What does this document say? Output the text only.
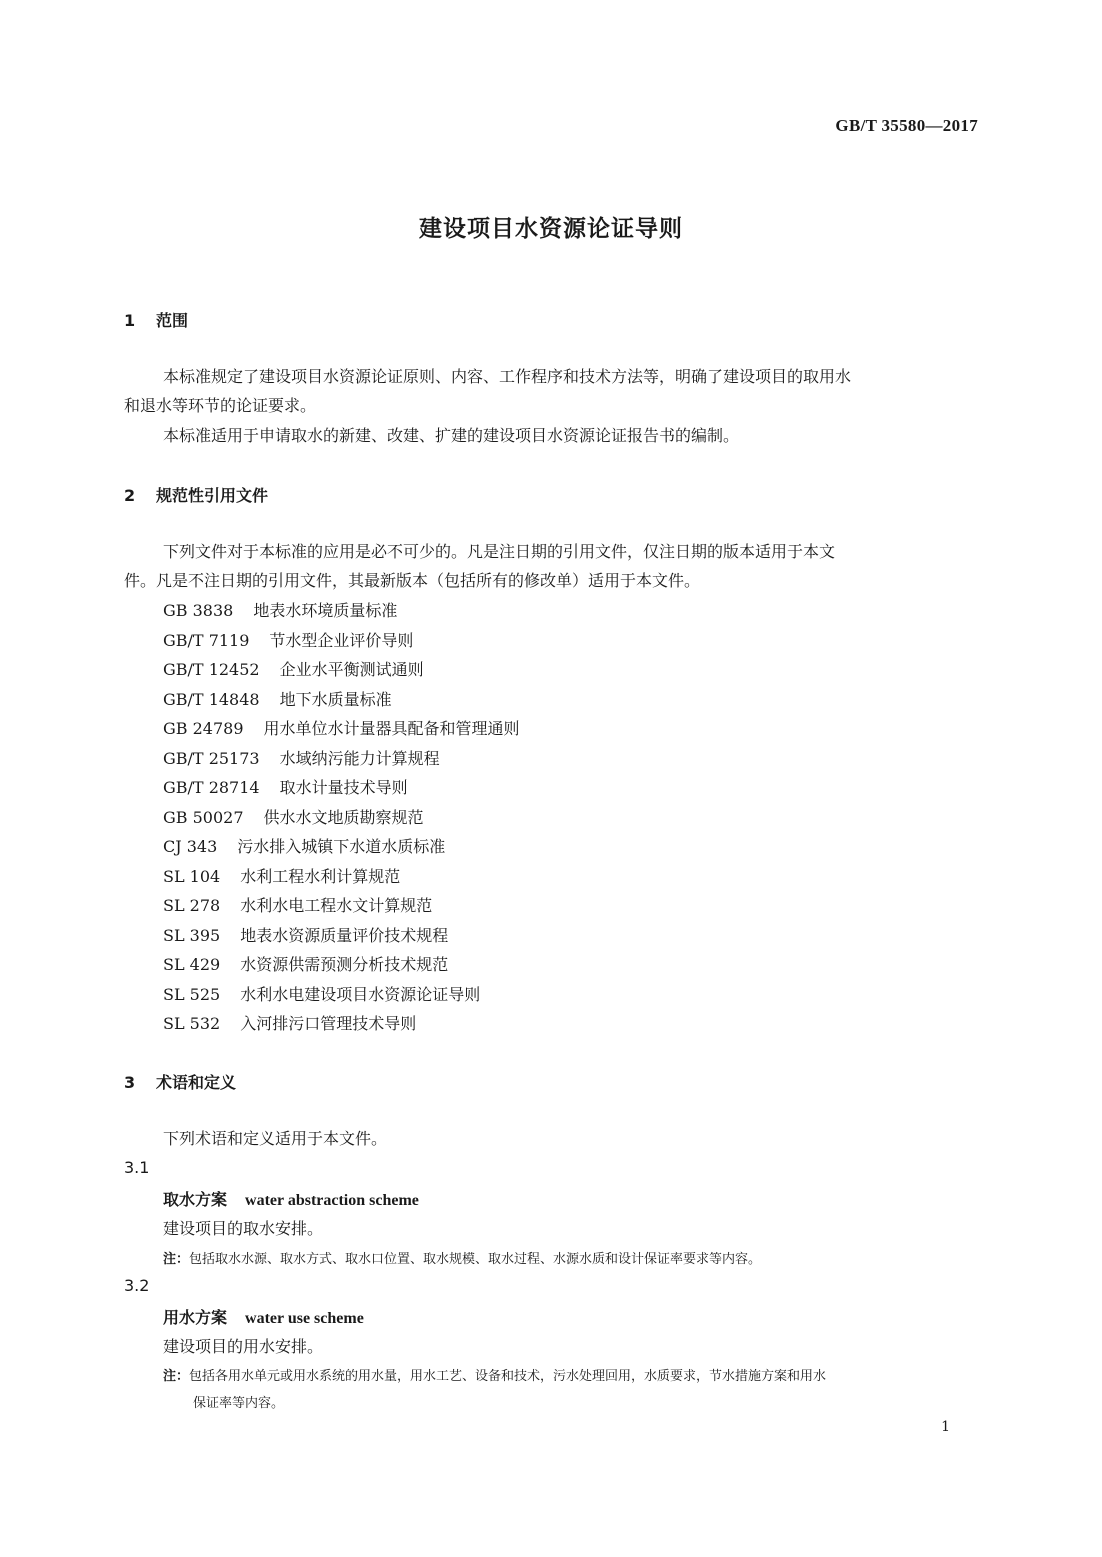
GB/T 35580—2017
建设项目水资源论证导则
1 范围
本标准规定了建设项目水资源论证原则、内容、工作程序和技术方法等，明确了建设项目的取用水
和退水等环节的论证要求。
本标准适用于申请取水的新建、改建、扩建的建设项目水资源论证报告书的编制。
2 规范性引用文件
下列文件对于本标准的应用是必不可少的。凡是注日期的引用文件，仅注日期的版本适用于本文
件。凡是不注日期的引用文件，其最新版本（包括所有的修改单）适用于本文件。
GB 3838 地表水环境质量标准
GB/T 7119 节水型企业评价导则
GB/T 12452 企业水平衡测试通则
GB/T 14848 地下水质量标准
GB 24789 用水单位水计量器具配备和管理通则
GB/T 25173 水域纳污能力计算规程
GB/T 28714 取水计量技术导则
GB 50027 供水水文地质勘察规范
CJ 343 污水排入城镇下水道水质标准
SL 104 水利工程水利计算规范
SL 278 水利水电工程水文计算规范
SL 395 地表水资源质量评价技术规程
SL 429 水资源供需预测分析技术规范
SL 525 水利水电建设项目水资源论证导则
SL 532 入河排污口管理技术导则
3 术语和定义
下列术语和定义适用于本文件。
3.1
取水方案 water abstraction scheme
建设项目的取水安排。
注：包括取水水源、取水方式、取水口位置、取水规模、取水过程、水源水质和设计保证率要求等内容。
3.2
用水方案 water use scheme
建设项目的用水安排。
注：包括各用水单元或用水系统的用水量，用水工艺、设备和技术，污水处理回用，水质要求，节水措施方案和用水
保证率等内容。
1
